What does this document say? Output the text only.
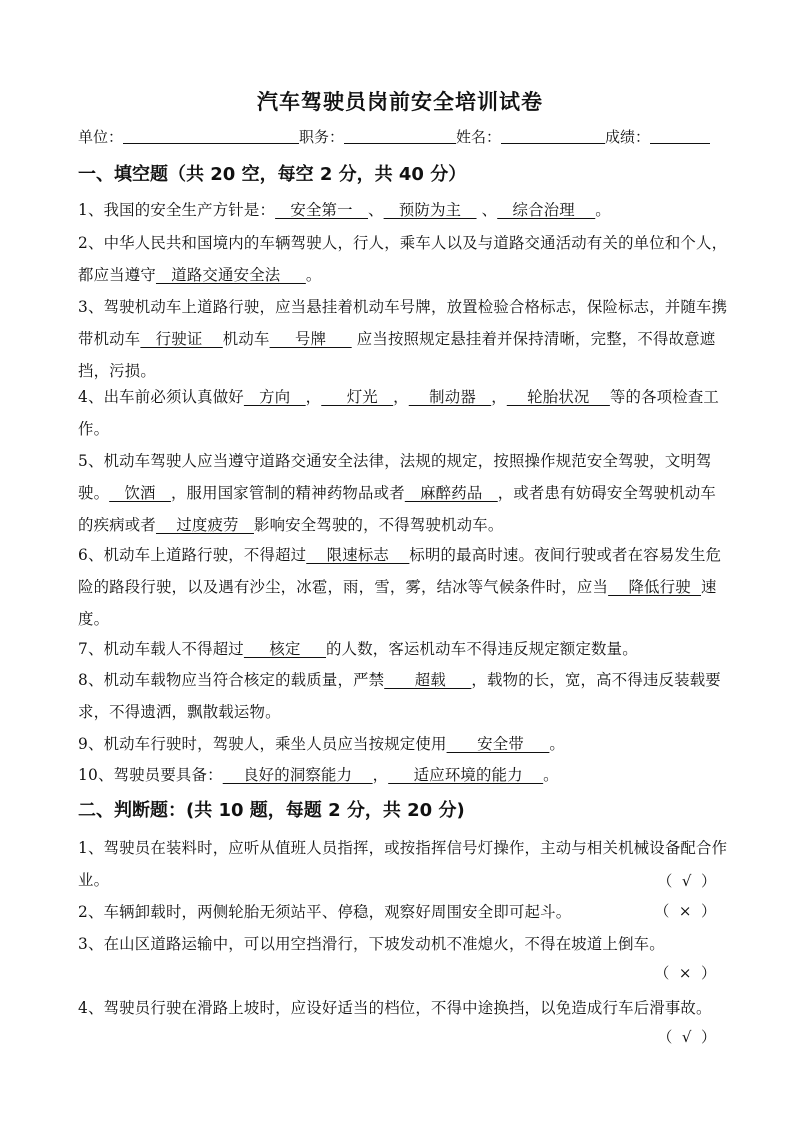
汽车驾驶员岗前安全培训试卷
单位：	职务：	姓名：	成绩：
一、填空题（共 20 空，每空 2 分，共 40 分）
1、我国的安全生产方针是：   安全第一   、   预防为主    、   综合治理    。
2、中华人民共和国境内的车辆驾驶人，行人，乘车人以及与道路交通活动有关的单位和个人，都应当遵守   道路交通安全法     。
3、驾驶机动车上道路行驶，应当悬挂着机动车号牌，放置检验合格标志，保险标志，并随车携带机动车   行驶证    机动车     号牌      应当按照规定悬挂着并保持清晰，完整，不得故意遮挡，污损。
4、出车前必须认真做好   方向   ，     灯光   ，    制动器   ，    轮胎状况    等的各项检查工作。
5、机动车驾驶人应当遵守道路交通安全法律，法规的规定，按照操作规范安全驾驶，文明驾驶。   饮酒   ，服用国家管制的精神药物品或者   麻醉药品   ，或者患有妨碍安全驾驶机动车的疾病或者    过度疲劳   影响安全驾驶的，不得驾驶机动车。
6、机动车上道路行驶，不得超过    限速标志    标明的最高时速。夜间行驶或者在容易发生危险的路段行驶，以及遇有沙尘，冰雹，雨，雪，雾，结冰等气候条件时，应当    降低行驶  速度。
7、机动车载人不得超过     核定     的人数，客运机动车不得违反规定额定数量。
8、机动车载物应当符合核定的载质量，严禁      超载     ，载物的长，宽，高不得违反装载要求，不得遗洒，飘散载运物。
9、机动车行驶时，驾驶人，乘坐人员应当按规定使用      安全带     。
10、驾驶员要具备：    良好的洞察能力    ，     适应环境的能力    。
二、判断题：(共 10 题，每题 2 分，共 20 分)
1、驾驶员在装料时，应听从值班人员指挥，或按指挥信号灯操作，主动与相关机械设备配合作业。	（  √  ）
2、车辆卸载时，两侧轮胎无须站平、停稳，观察好周围安全即可起斗。	（  ×  ）
3、在山区道路运输中，可以用空挡滑行，下坡发动机不准熄火，不得在坡道上倒车。
（  ×  ）
4、驾驶员行驶在滑路上坡时，应设好适当的档位，不得中途换挡，以免造成行车后滑事故。
（  √  ）
